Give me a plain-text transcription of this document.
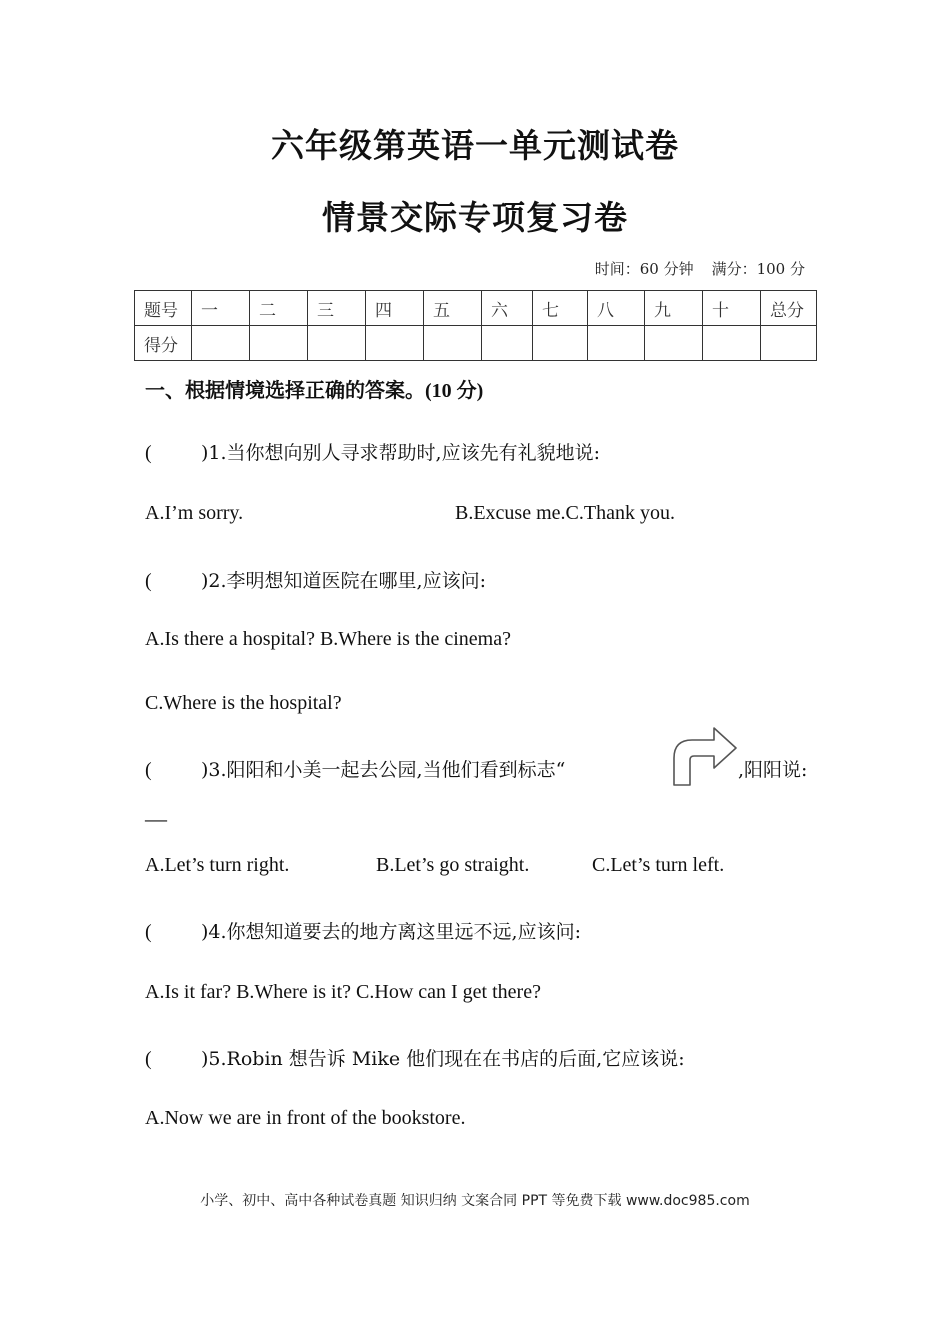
六年级第英语一单元测试卷
情景交际专项复习卷
时间：60 分钟 满分：100 分
题号	一	二	三	四	五	六	七	八	九	十	总分
得分											
一、根据情境选择正确的答案。(10 分)
(	)1.当你想向别人寻求帮助时,应该先有礼貌地说:
A.I’m sorry.	B.Excuse me.C.Thank you.
(	)2.李明想知道医院在哪里,应该问:
A.Is there a hospital? B.Where is the cinema?
C.Where is the hospital?
(	)3.阳阳和小美一起去公园,当他们看到标志“	,阳阳说:
—
A.Let’s turn right.	B.Let’s go straight.	C.Let’s turn left.
(	)4.你想知道要去的地方离这里远不远,应该问:
A.Is it far? B.Where is it? C.How can I get there?
(	)5.Robin 想告诉 Mike 他们现在在书店的后面,它应该说:
A.Now we are in front of the bookstore.
小学、初中、高中各种试卷真题 知识归纳 文案合同 PPT 等免费下载 www.doc985.com
